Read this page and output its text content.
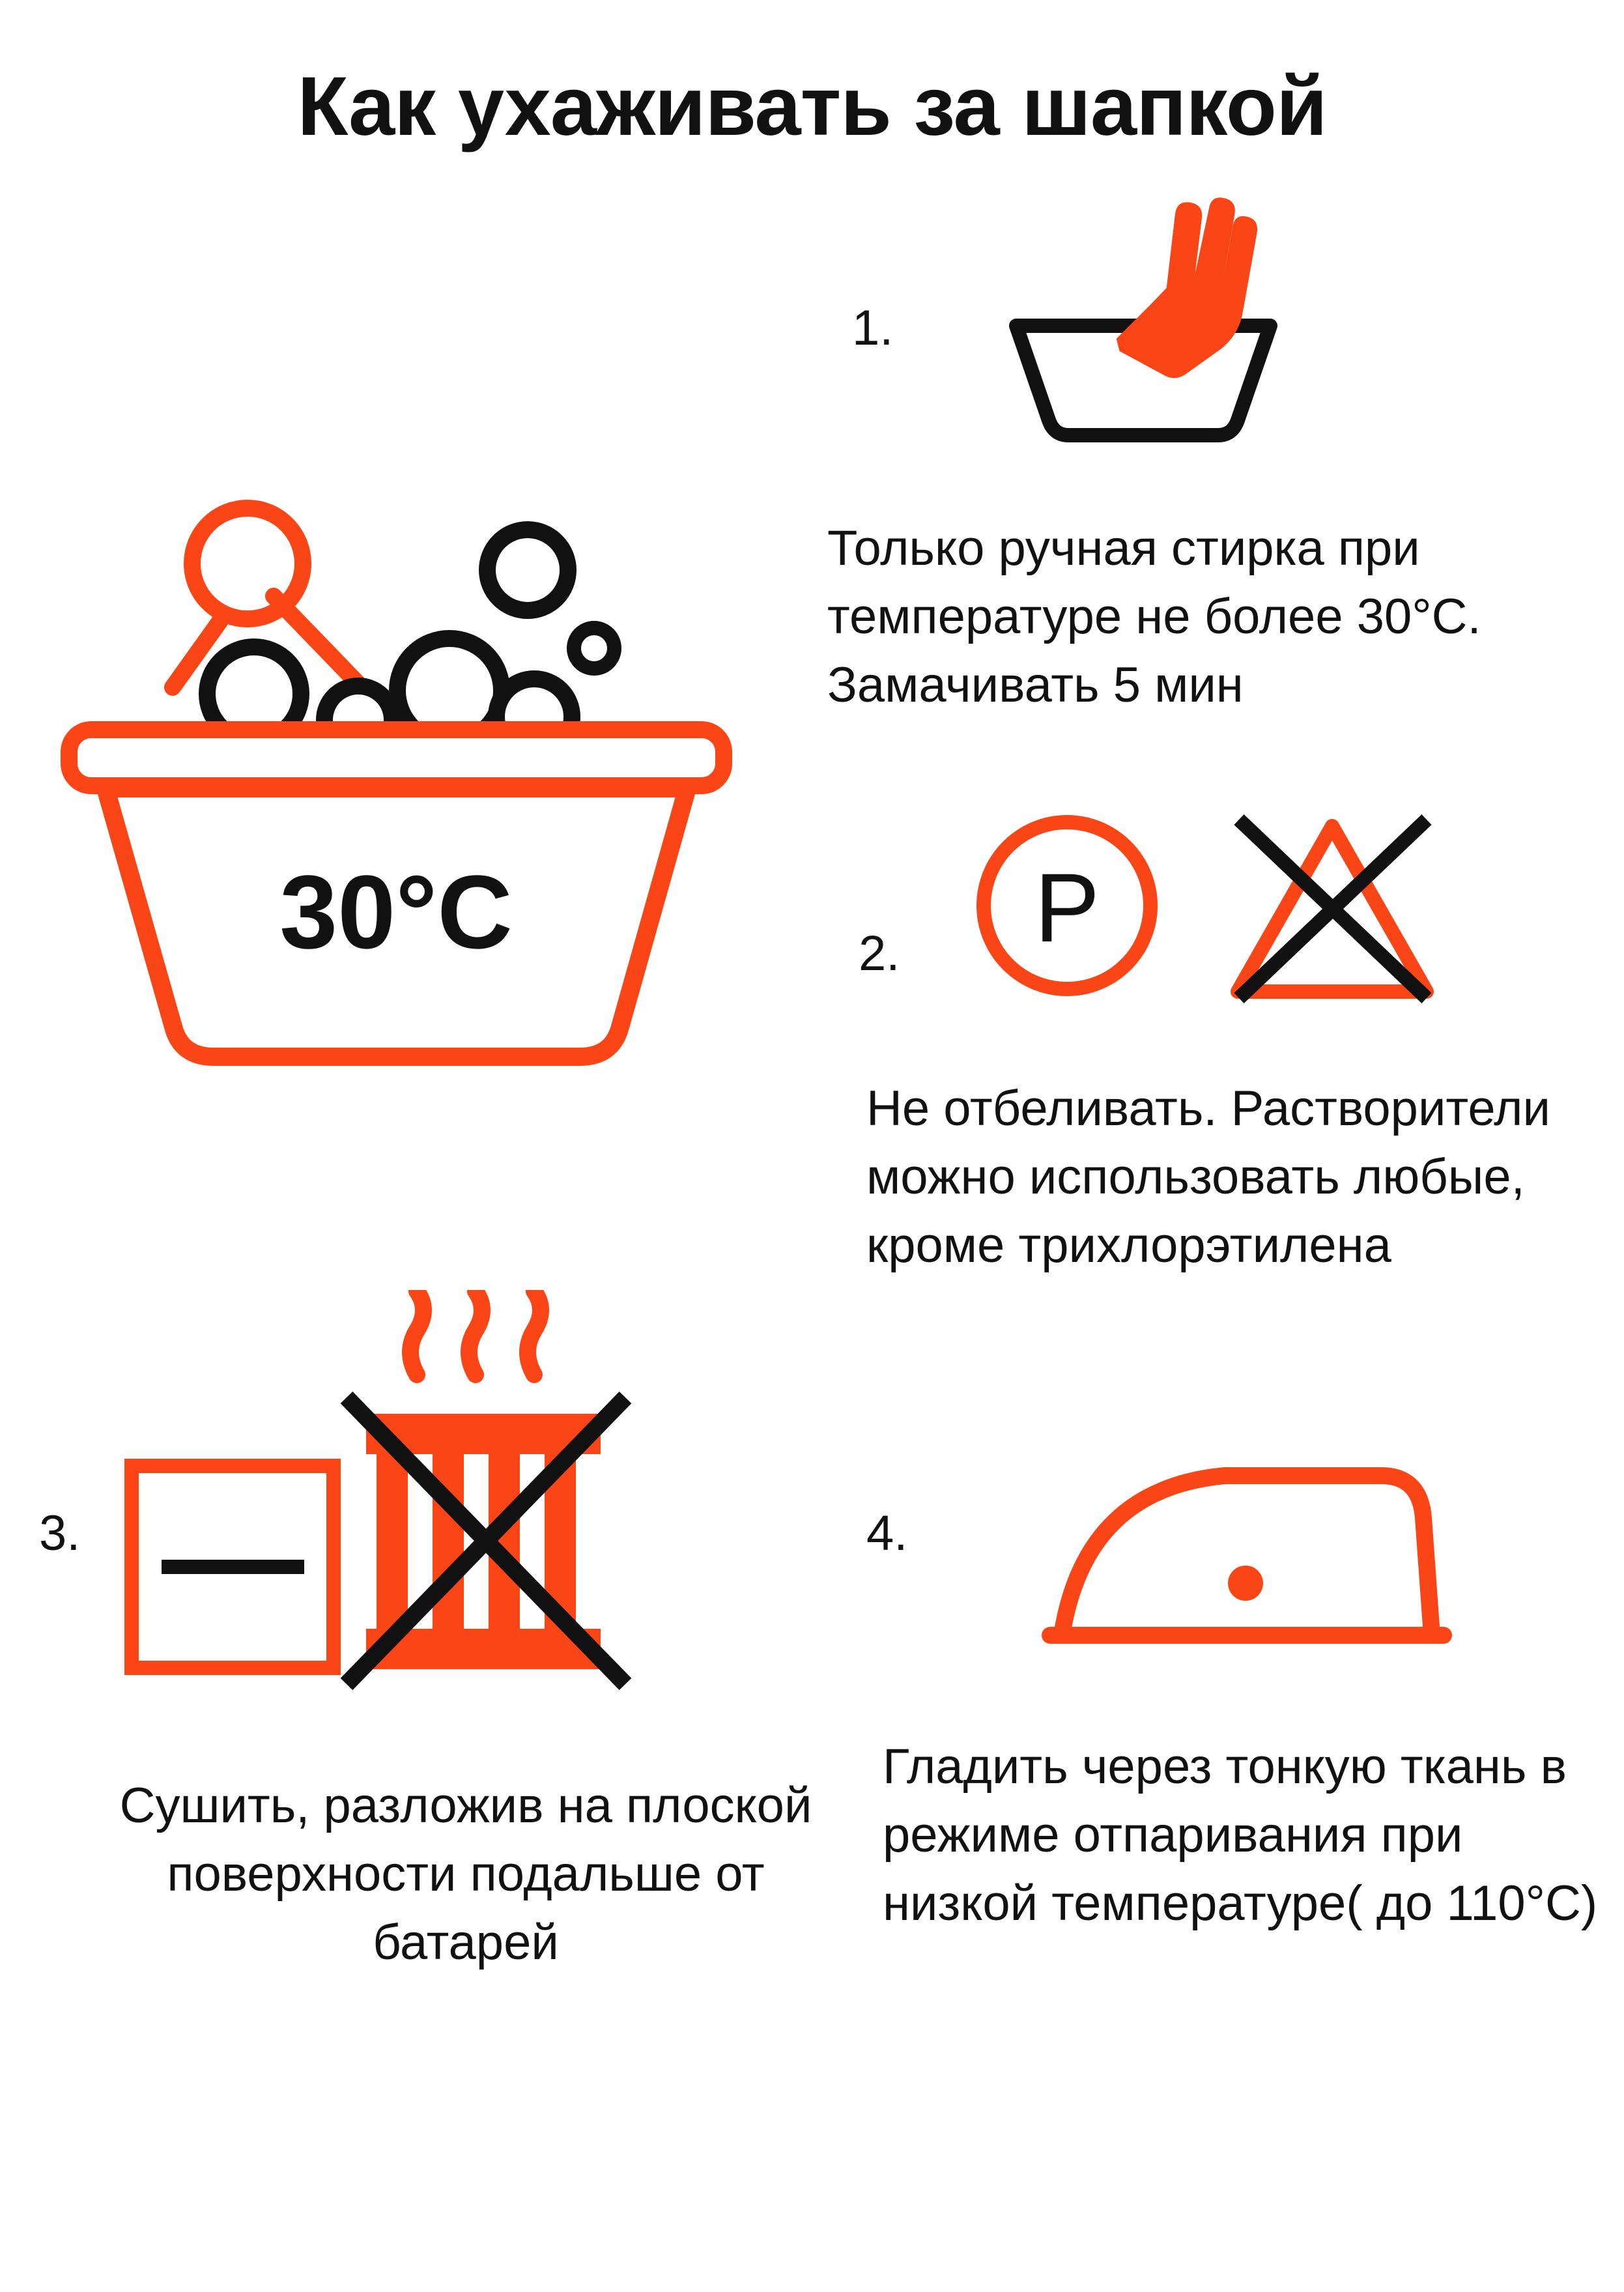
Как ухаживать за шапкой
1.
Только ручная стирка при температуре не более 30°C. Замачивать 5 мин
30°C	2. P
Не отбеливать. Растворители можно использовать любые, кроме трихлорэтилена
3.
Сушить, разложив на плоской поверхности подальше от батарей
4.
Гладить через тонкую ткань в режиме отпаривания при низкой температуре( до 110°C)
